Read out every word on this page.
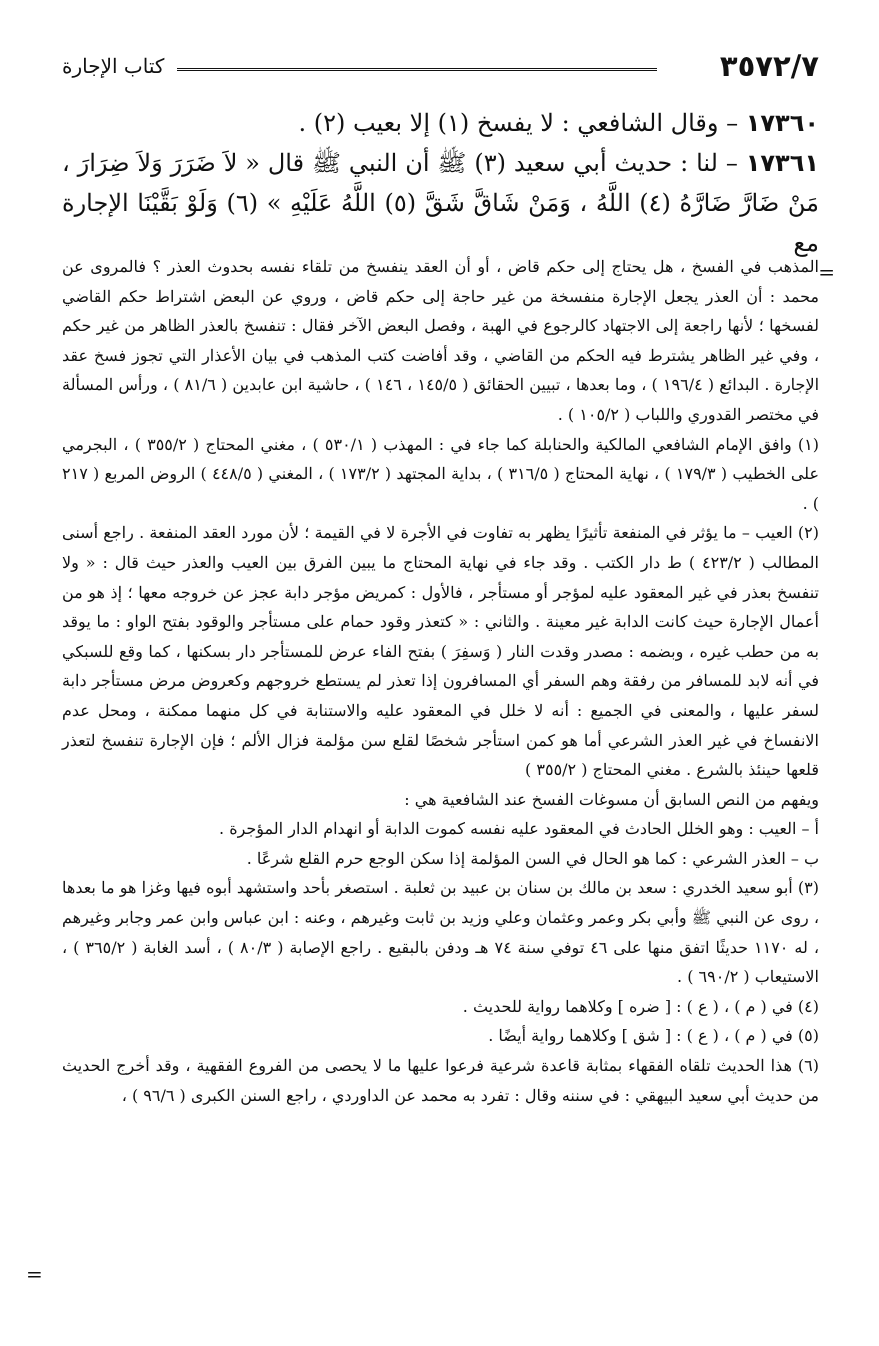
٣٥٧٢/٧
كتاب الإجارة

١٧٣٦٠ – وقال الشافعي : لا يفسخ (١) إلا بعيب (٢) .

١٧٣٦١ – لنا : حديث أبي سعيد (٣) ﷺ أن النبي ﷺ قال « لاَ ضَرَرَ وَلاَ ضِرَارَ ، مَنْ ضَارَّ ضَارَّهُ (٤) اللَّهُ ، وَمَنْ شَاقَّ شَقَّ (٥) اللَّهُ عَلَيْهِ » (٦) وَلَوْ بَقَّيْنَا الإجارة مع

=

المذهب في الفسخ ، هل يحتاج إلى حكم قاض ، أو أن العقد ينفسخ من تلقاء نفسه بحدوث العذر ؟ فالمروى عن محمد : أن العذر يجعل الإجارة منفسخة من غير حاجة إلى حكم قاض ، وروي عن البعض اشتراط حكم القاضي لفسخها ؛ لأنها راجعة إلى الاجتهاد كالرجوع في الهبة ، وفصل البعض الآخر فقال : تنفسخ بالعذر الظاهر من غير حكم ، وفي غير الظاهر يشترط فيه الحكم من القاضي ، وقد أفاضت كتب المذهب في بيان الأعذار التي تجوز فسخ عقد الإجارة . البدائع ( ١٩٦/٤ ) ، وما بعدها ، تبيين الحقائق ( ١٤٥/٥ ، ١٤٦ ) ، حاشية ابن عابدين ( ٨١/٦ ) ، ورأس المسألة في مختصر القدوري واللباب ( ١٠٥/٢ ) .

(١) وافق الإمام الشافعي المالكية والحنابلة كما جاء في : المهذب ( ٥٣٠/١ ) ، مغني المحتاج ( ٣٥٥/٢ ) ، البجرمي على الخطيب ( ١٧٩/٣ ) ، نهاية المحتاج ( ٣١٦/٥ ) ، بداية المجتهد ( ١٧٣/٢ ) ، المغني ( ٤٤٨/٥ ) الروض المربع ( ٢١٧ ) .

(٢) العيب – ما يؤثر في المنفعة تأثيرًا يظهر به تفاوت في الأجرة لا في القيمة ؛ لأن مورد العقد المنفعة . راجع أسنى المطالب ( ٤٢٣/٢ ) ط دار الكتب . وقد جاء في نهاية المحتاج ما يبين الفرق بين العيب والعذر حيث قال : « ولا تنفسخ بعذر في غير المعقود عليه لمؤجر أو مستأجر ، فالأول : كمريض مؤجر دابة عجز عن خروجه معها ؛ إذ هو من أعمال الإجارة حيث كانت الدابة غير معينة . والثاني : « كتعذر وقود حمام على مستأجر والوقود بفتح الواو : ما يوقد به من حطب غيره ، وبضمه : مصدر وقدت النار ( وَسفِرَ ) بفتح الفاء عرض للمستأجر دار بسكنها ، كما وقع للسبكي في أنه لابد للمسافر من رفقة وهم السفر أي المسافرون إذا تعذر لم يستطع خروجهم وكعروض مرض مستأجر دابة لسفر عليها ، والمعنى في الجميع : أنه لا خلل في المعقود عليه والاستنابة في كل منهما ممكنة ، ومحل عدم الانفساخ في غير العذر الشرعي أما هو كمن استأجر شخصًا لقلع سن مؤلمة فزال الألم ؛ فإن الإجارة تنفسخ لتعذر قلعها حينئذ بالشرع . مغني المحتاج ( ٣٥٥/٢ )

ويفهم من النص السابق أن مسوغات الفسخ عند الشافعية هي :

أ – العيب : وهو الخلل الحادث في المعقود عليه نفسه كموت الدابة أو انهدام الدار المؤجرة .

ب – العذر الشرعي : كما هو الحال في السن المؤلمة إذا سكن الوجع حرم القلع شرعًا .

(٣) أبو سعيد الخدري : سعد بن مالك بن سنان بن عبيد بن ثعلبة . استصغر بأحد واستشهد أبوه فيها وغزا هو ما بعدها ، روى عن النبي ﷺ وأبي بكر وعمر وعثمان وعلي وزيد بن ثابت وغيرهم ، وعنه : ابن عباس وابن عمر وجابر وغيرهم ، له ١١٧٠ حديثًا اتفق منها على ٤٦ توفي سنة ٧٤ هـ ودفن بالبقيع . راجع الإصابة ( ٨٠/٣ ) ، أسد الغابة ( ٣٦٥/٢ ) ، الاستيعاب ( ٦٩٠/٢ ) .

(٤) في ( م ) ، ( ع ) : [ ضره ] وكلاهما رواية للحديث .

(٥) في ( م ) ، ( ع ) : [ شق ] وكلاهما رواية أيضًا .

(٦) هذا الحديث تلقاه الفقهاء بمثابة قاعدة شرعية فرعوا عليها ما لا يحصى من الفروع الفقهية ، وقد أخرج الحديث من حديث أبي سعيد البيهقي : في سننه وقال : تفرد به محمد عن الداوردي ، راجع السنن الكبرى ( ٩٦/٦ ) ،

=
